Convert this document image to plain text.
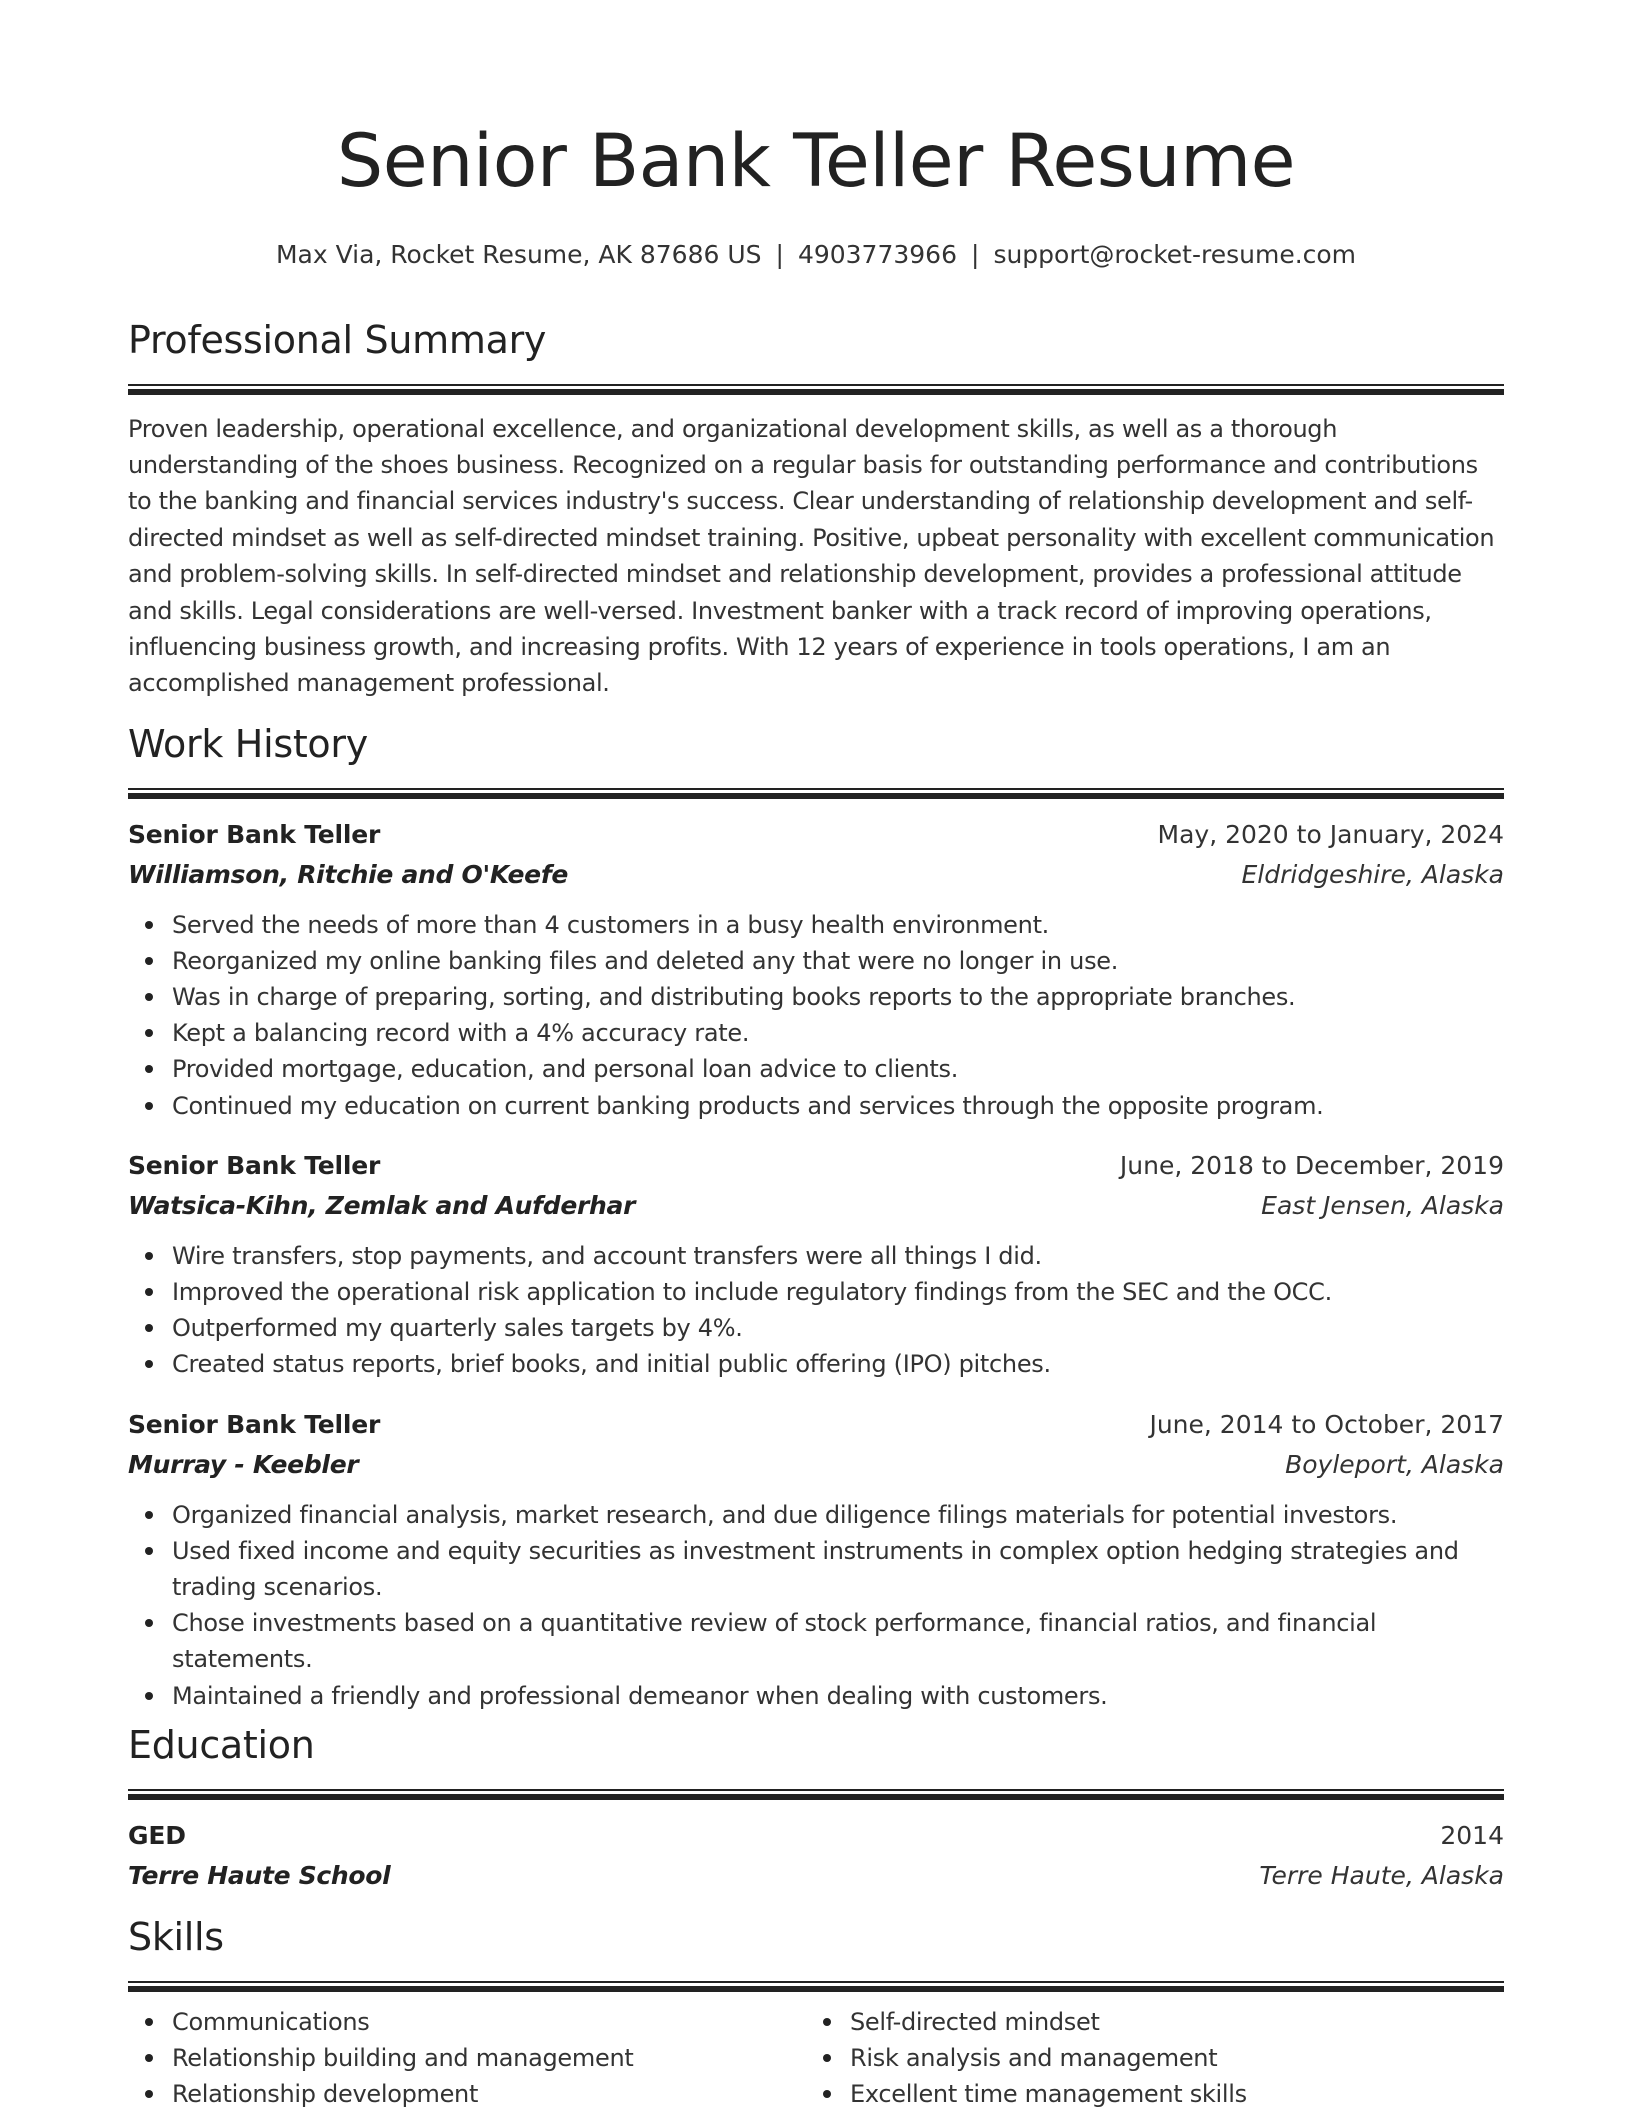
Senior Bank Teller Resume
Max Via, Rocket Resume, AK 87686 US | 4903773966 | support@rocket-resume.com
Professional Summary

Proven leadership, operational excellence, and organizational development skills, as well as a thorough understanding of the shoes business. Recognized on a regular basis for outstanding performance and contributions to the banking and financial services industry's success. Clear understanding of relationship development and self-directed mindset as well as self-directed mindset training. Positive, upbeat personality with excellent communication and problem-solving skills. In self-directed mindset and relationship development, provides a professional attitude and skills. Legal considerations are well-versed. Investment banker with a track record of improving operations, influencing business growth, and increasing profits. With 12 years of experience in tools operations, I am an accomplished management professional.

Work History
Senior Bank Teller	May, 2020 to January, 2024
Williamson, Ritchie and O'Keefe	Eldridgeshire, Alaska
Served the needs of more than 4 customers in a busy health environment.
Reorganized my online banking files and deleted any that were no longer in use.
Was in charge of preparing, sorting, and distributing books reports to the appropriate branches.
Kept a balancing record with a 4% accuracy rate.
Provided mortgage, education, and personal loan advice to clients.
Continued my education on current banking products and services through the opposite program.
Senior Bank Teller	June, 2018 to December, 2019
Watsica-Kihn, Zemlak and Aufderhar	East Jensen, Alaska
Wire transfers, stop payments, and account transfers were all things I did.
Improved the operational risk application to include regulatory findings from the SEC and the OCC.
Outperformed my quarterly sales targets by 4%.
Created status reports, brief books, and initial public offering (IPO) pitches.
Senior Bank Teller	June, 2014 to October, 2017
Murray - Keebler	Boyleport, Alaska
Organized financial analysis, market research, and due diligence filings materials for potential investors.
Used fixed income and equity securities as investment instruments in complex option hedging strategies and trading scenarios.
Chose investments based on a quantitative review of stock performance, financial ratios, and financial statements.
Maintained a friendly and professional demeanor when dealing with customers.
Education
GED	2014
Terre Haute School	Terre Haute, Alaska
Skills
Communications
Relationship building and management
Relationship development
Self-directed mindset
Risk analysis and management
Excellent time management skills
